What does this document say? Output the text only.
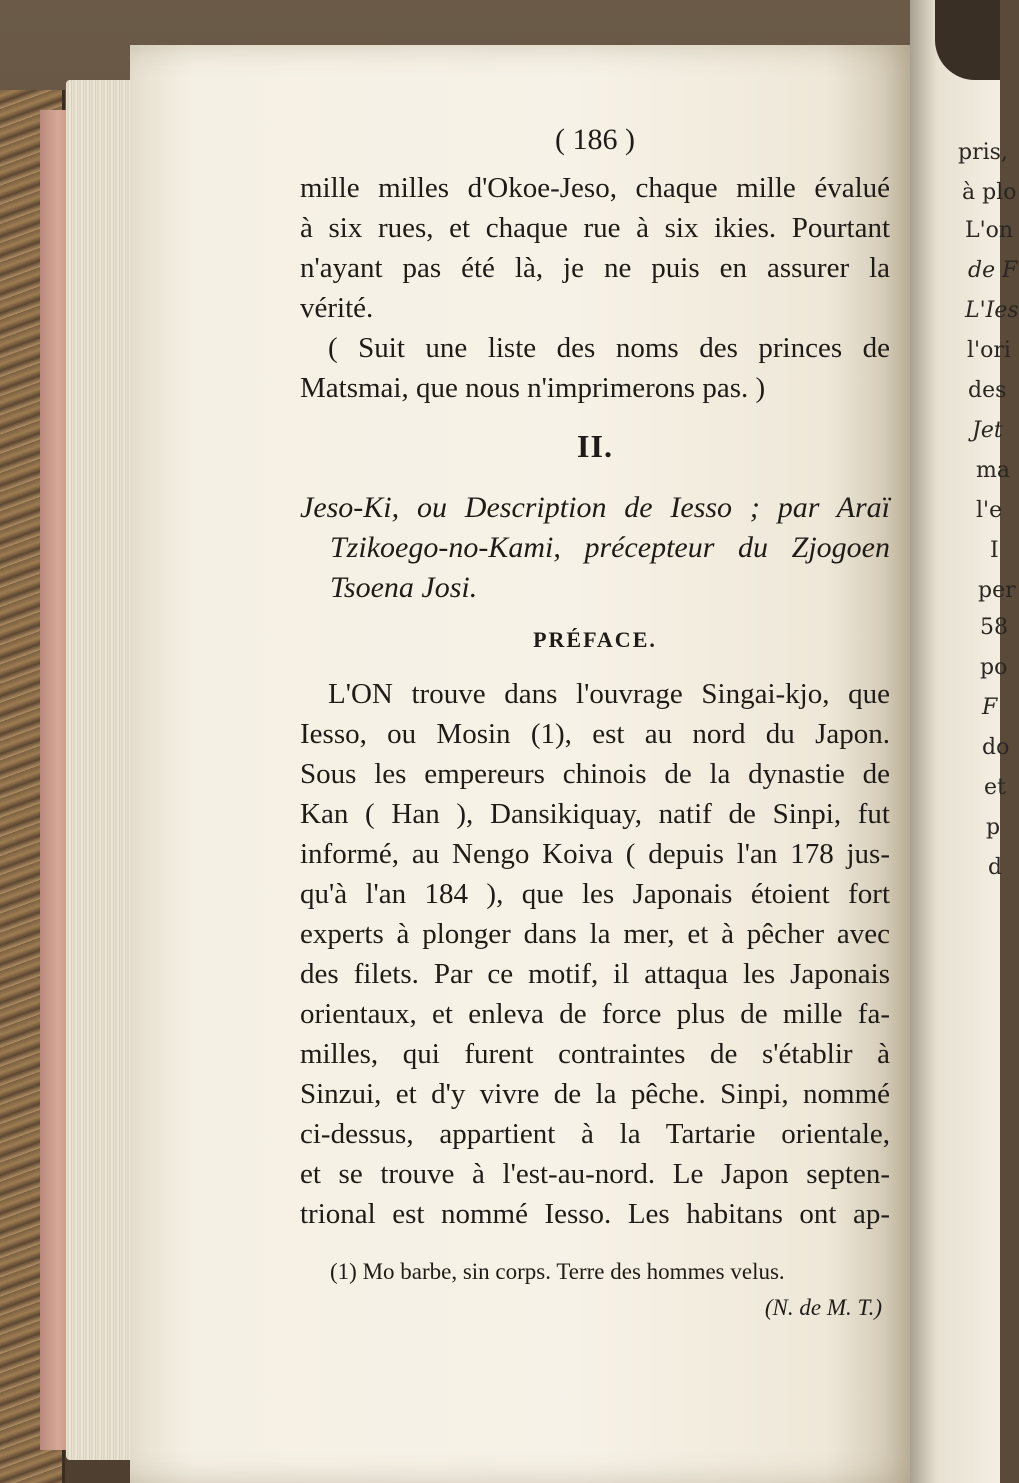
pris,
à plo
L'on
de F
L'Ies
l'ori
des
Jet
ma
l'e
I
per
58
po
F
do
et
p
d
( 186 )
mille milles d'Okoe-Jeso, chaque mille évalué
à six rues, et chaque rue à six ikies. Pourtant
n'ayant pas été là, je ne puis en assurer la
vérité.
( Suit une liste des noms des princes de
Matsmai, que nous n'imprimerons pas. )
II.
Jeso-Ki, ou Description de Iesso ; par Araï
Tzikoego-no-Kami, précepteur du Zjogoen
Tsoena Josi.
PRÉFACE.
L'ON trouve dans l'ouvrage Singai-kjo, que
Iesso, ou Mosin (1), est au nord du Japon.
Sous les empereurs chinois de la dynastie de
Kan ( Han ), Dansikiquay, natif de Sinpi, fut
informé, au Nengo Koiva ( depuis l'an 178 jus-
qu'à l'an 184 ), que les Japonais étoient fort
experts à plonger dans la mer, et à pêcher avec
des filets. Par ce motif, il attaqua les Japonais
orientaux, et enleva de force plus de mille fa-
milles, qui furent contraintes de s'établir à
Sinzui, et d'y vivre de la pêche. Sinpi, nommé
ci-dessus, appartient à la Tartarie orientale,
et se trouve à l'est-au-nord. Le Japon septen-
trional est nommé Iesso. Les habitans ont ap-
(1) Mo barbe, sin corps. Terre des hommes velus.
(N. de M. T.)
